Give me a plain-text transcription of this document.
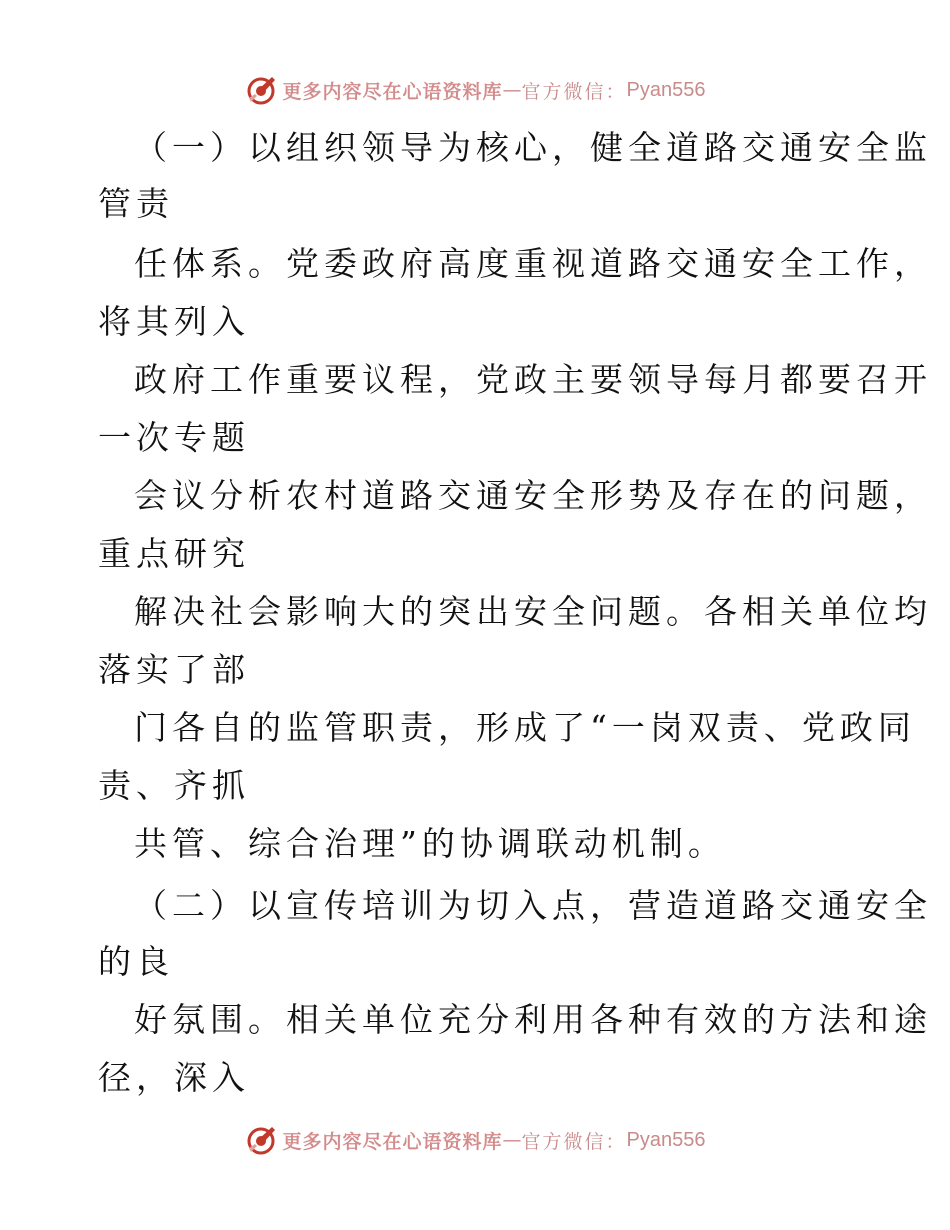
更多内容尽在心语资料库 — 官方微信： Pyan556
（一）以组织领导为核心，健全道路交通安全监
管责
任体系。党委政府高度重视道路交通安全工作，
将其列入
政府工作重要议程，党政主要领导每月都要召开
一次专题
会议分析农村道路交通安全形势及存在的问题，
重点研究
解决社会影响大的突出安全问题。各相关单位均
落实了部
门各自的监管职责，形成了“一岗双责、党政同
责、齐抓
共管、综合治理”的协调联动机制。
（二）以宣传培训为切入点，营造道路交通安全
的良
好氛围。相关单位充分利用各种有效的方法和途
径，深入
更多内容尽在心语资料库 — 官方微信： Pyan556
